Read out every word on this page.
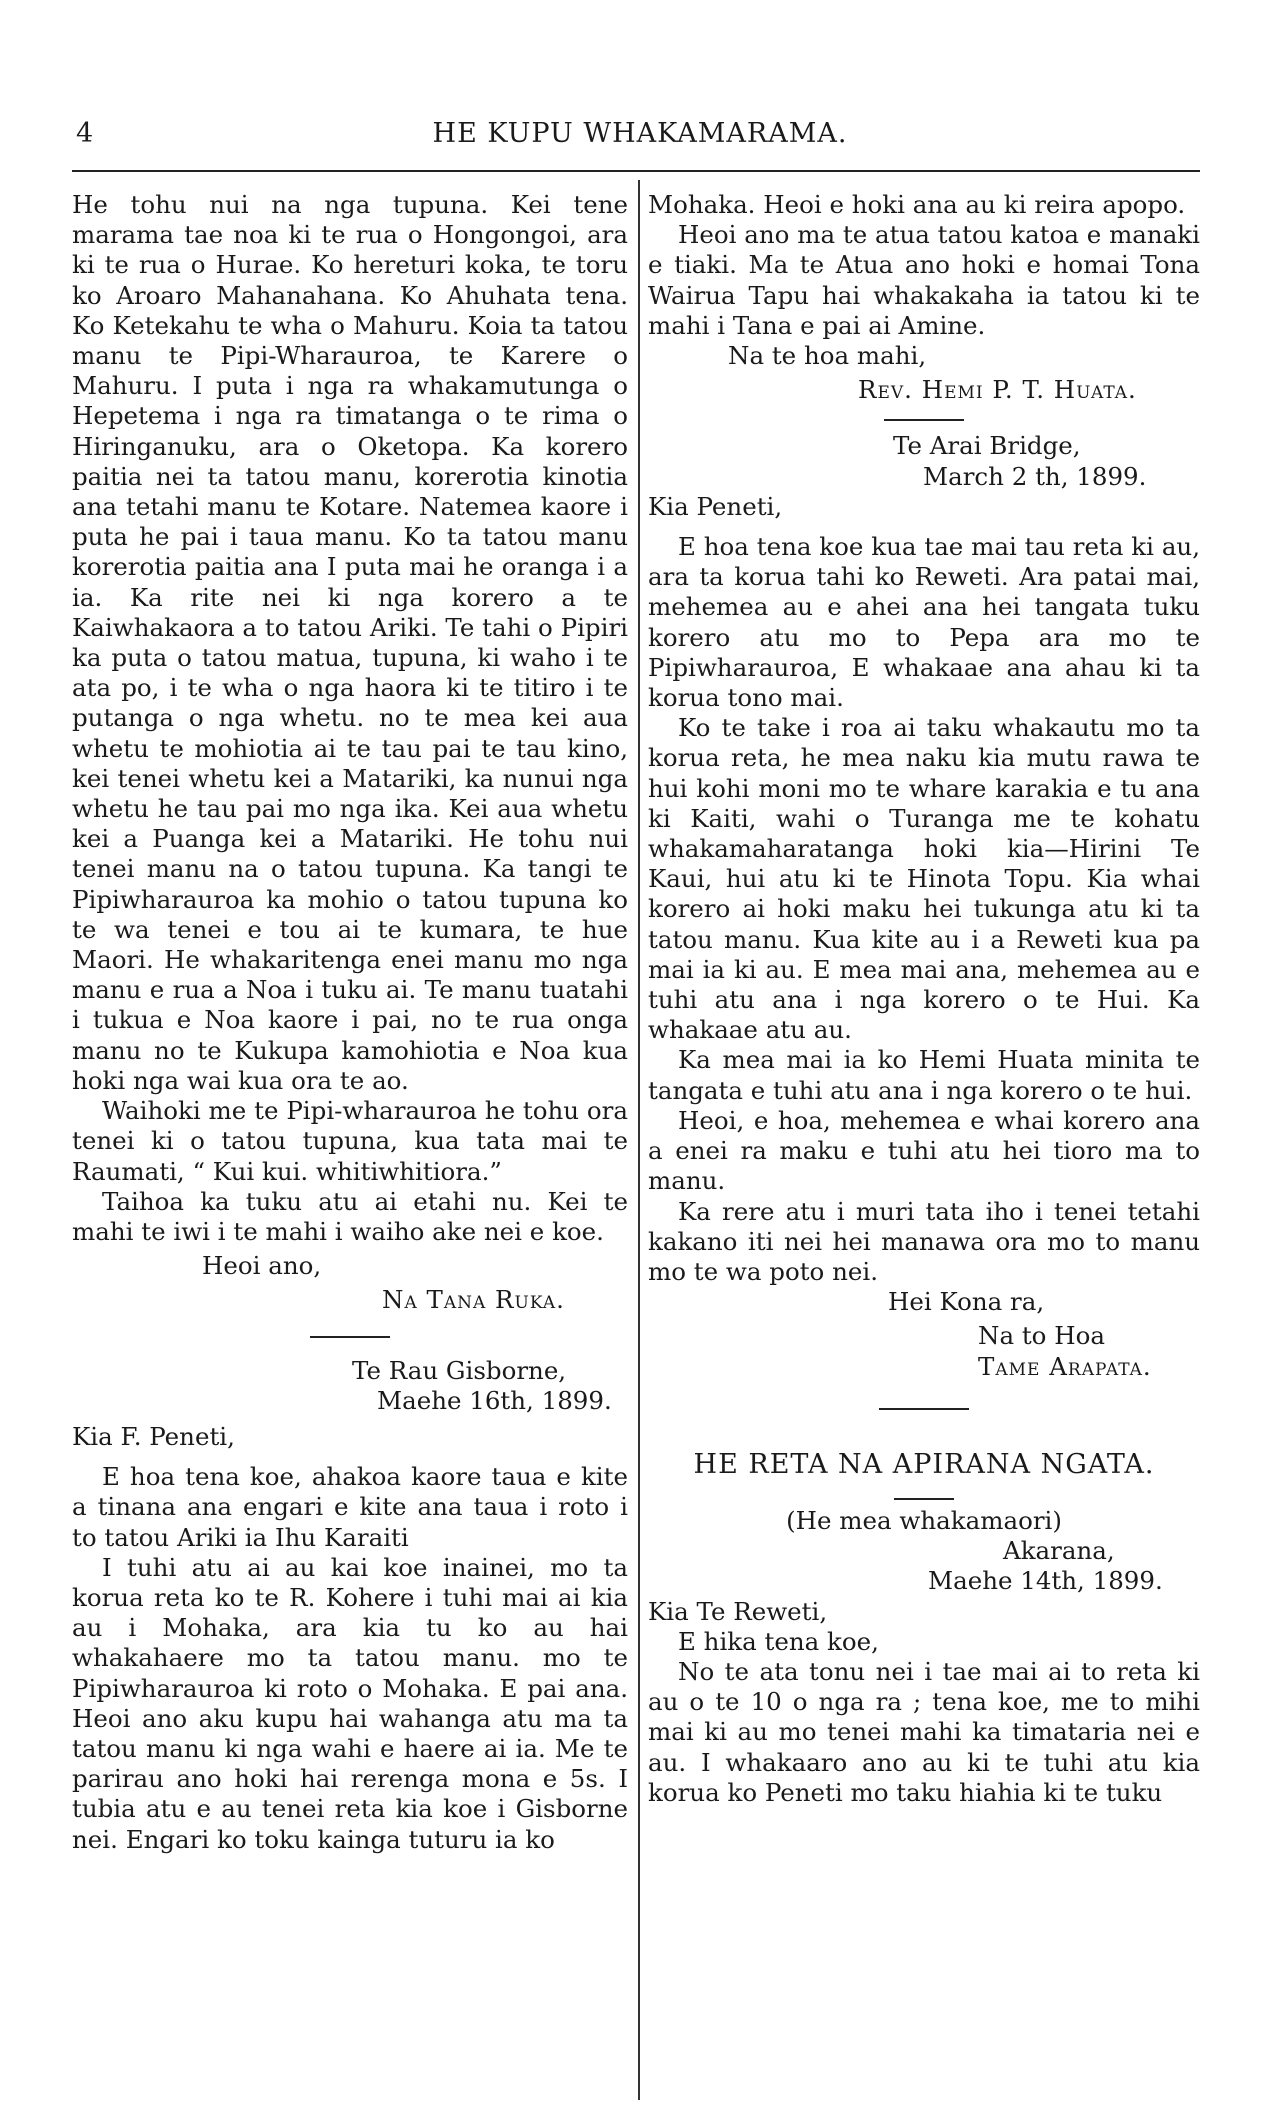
4	HE KUPU WHAKAMARAMA.

He tohu nui na nga tupuna. Kei tene marama tae noa ki te rua o Hongongoi, ara ki te rua o Hurae. Ko hereturi koka, te toru ko Aroaro Mahanahana. Ko Ahuhata tena. Ko Ketekahu te wha o Mahuru. Koia ta tatou manu te Pipi-Wharauroa, te Karere o Mahuru. I puta i nga ra whakamutunga o Hepetema i nga ra timatanga o te rima o Hiringanuku, ara o Oketopa. Ka korero paitia nei ta tatou manu, korerotia kinotia ana tetahi manu te Kotare. Natemea kaore i puta he pai i taua manu. Ko ta tatou manu korerotia paitia ana I puta mai he oranga i a ia. Ka rite nei ki nga korero a te Kaiwhakaora a to tatou Ariki. Te tahi o Pipiri ka puta o tatou matua, tupuna, ki waho i te ata po, i te wha o nga haora ki te titiro i te putanga o nga whetu. no te mea kei aua whetu te mohiotia ai te tau pai te tau kino, kei tenei whetu kei a Matariki, ka nunui nga whetu he tau pai mo nga ika. Kei aua whetu kei a Puanga kei a Matariki. He tohu nui tenei manu na o tatou tupuna. Ka tangi te Pipiwharauroa ka mohio o tatou tupuna ko te wa tenei e tou ai te kumara, te hue Maori. He whakaritenga enei manu mo nga manu e rua a Noa i tuku ai. Te manu tuatahi i tukua e Noa kaore i pai, no te rua onga manu no te Kukupa kamohiotia e Noa kua hoki nga wai kua ora te ao.

Waihoki me te Pipi-wharauroa he tohu ora tenei ki o tatou tupuna, kua tata mai te Raumati, “ Kui kui. whitiwhitiora.”

Taihoa ka tuku atu ai etahi nu. Kei te mahi te iwi i te mahi i waiho ake nei e koe.

Heoi ano,

Na Tana Ruka.

Te Rau Gisborne,

Maehe 16th, 1899.

Kia F. Peneti,

E hoa tena koe, ahakoa kaore taua e kite a tinana ana engari e kite ana taua i roto i to tatou Ariki ia Ihu Karaiti

I tuhi atu ai au kai koe inainei, mo ta korua reta ko te R. Kohere i tuhi mai ai kia au i Mohaka, ara kia tu ko au hai whakahaere mo ta tatou manu. mo te Pipiwharauroa ki roto o Mohaka. E pai ana. Heoi ano aku kupu hai wahanga atu ma ta tatou manu ki nga wahi e haere ai ia. Me te parirau ano hoki hai rerenga mona e 5s. I tubia atu e au tenei reta kia koe i Gisborne nei. Engari ko toku kainga tuturu ia ko

Mohaka. Heoi e hoki ana au ki reira apopo.

Heoi ano ma te atua tatou katoa e manaki e tiaki. Ma te Atua ano hoki e homai Tona Wairua Tapu hai whakakaha ia tatou ki te mahi i Tana e pai ai Amine.

Na te hoa mahi,

Rev. Hemi P. T. Huata.

Te Arai Bridge,

March 2 th, 1899.

Kia Peneti,

E hoa tena koe kua tae mai tau reta ki au, ara ta korua tahi ko Reweti. Ara patai mai, mehemea au e ahei ana hei tangata tuku korero atu mo to Pepa ara mo te Pipiwharauroa, E whakaae ana ahau ki ta korua tono mai.

Ko te take i roa ai taku whakautu mo ta korua reta, he mea naku kia mutu rawa te hui kohi moni mo te whare karakia e tu ana ki Kaiti, wahi o Turanga me te kohatu whakamaharatanga hoki kia—Hirini Te Kaui, hui atu ki te Hinota Topu. Kia whai korero ai hoki maku hei tukunga atu ki ta tatou manu. Kua kite au i a Reweti kua pa mai ia ki au. E mea mai ana, mehemea au e tuhi atu ana i nga korero o te Hui. Ka whakaae atu au.

Ka mea mai ia ko Hemi Huata minita te tangata e tuhi atu ana i nga korero o te hui.

Heoi, e hoa, mehemea e whai korero ana a enei ra maku e tuhi atu hei tioro ma to manu.

Ka rere atu i muri tata iho i tenei tetahi kakano iti nei hei manawa ora mo to manu mo te wa poto nei.

Hei Kona ra,

Na to Hoa

Tame Arapata.

HE RETA NA APIRANA NGATA.

(He mea whakamaori)

Akarana,

Maehe 14th, 1899.

Kia Te Reweti,

E hika tena koe,

No te ata tonu nei i tae mai ai to reta ki au o te 10 o nga ra ; tena koe, me to mihi mai ki au mo tenei mahi ka timataria nei e au. I whakaaro ano au ki te tuhi atu kia korua ko Peneti mo taku hiahia ki te tuku
